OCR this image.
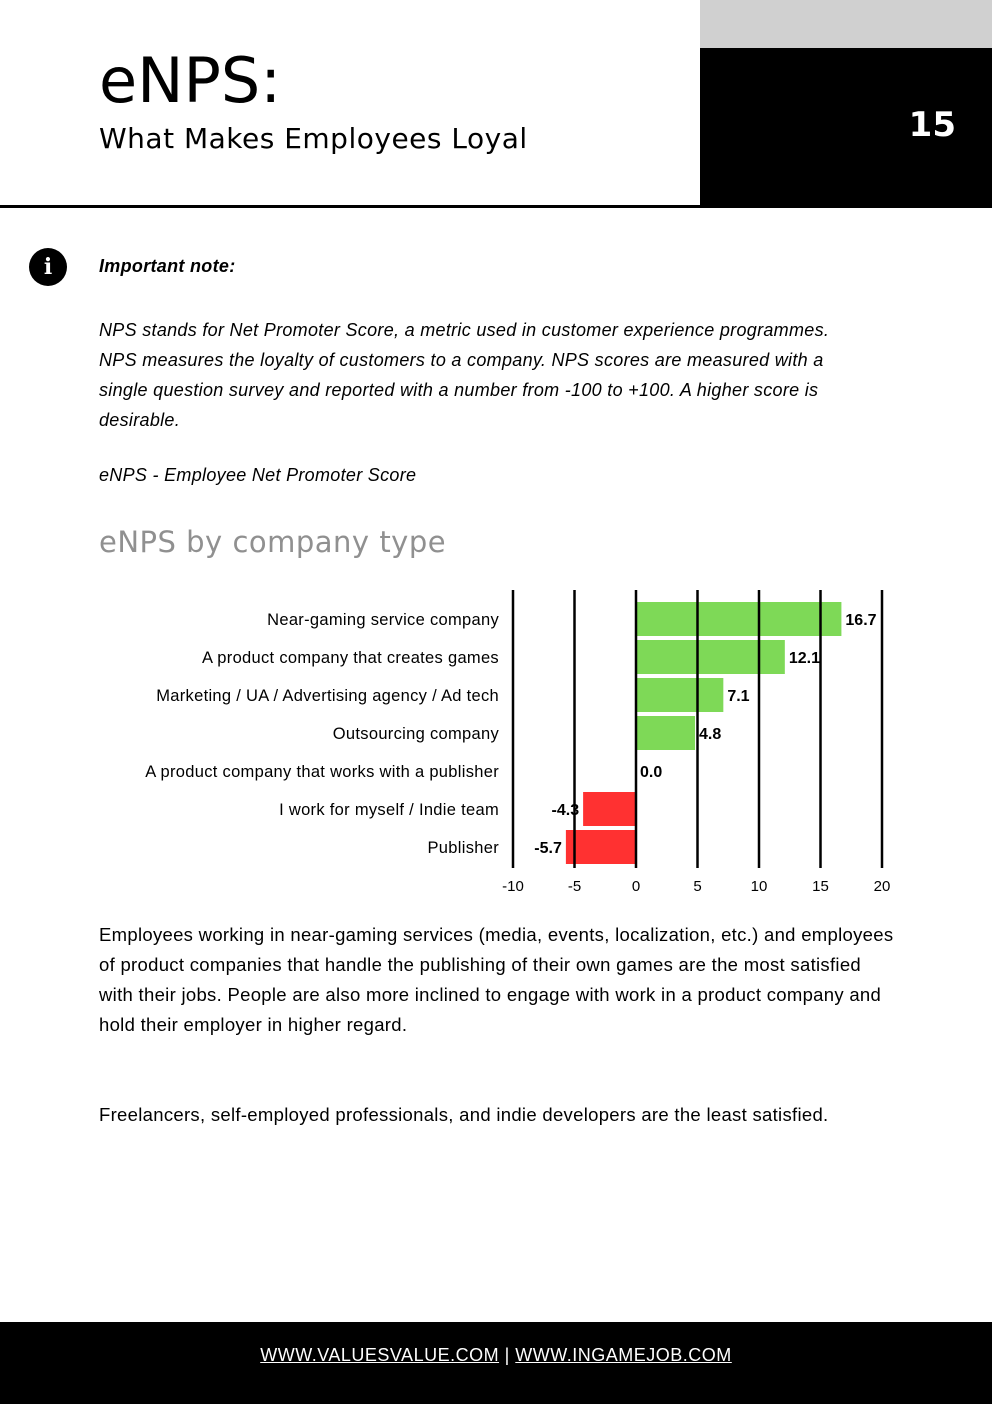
15
eNPS:
What Makes Employees Loyal
i	Important note:

NPS stands for Net Promoter Score, a metric used in customer experience programmes. NPS measures the loyalty of customers to a company. NPS scores are measured with a single question survey and reported with a number from -100 to +100. A higher score is desirable.

eNPS - Employee Net Promoter Score
eNPS by company type
Near-gaming service company
A product company that creates games
Marketing / UA / Advertising agency / Ad tech
Outsourcing company
A product company that works with a publisher
I work for myself / Indie team
Publisher
16.7
12.1
7.1
4.8
0.0
-4.3
-5.7
-10	-5	0	5	10	15	20

Employees working in near-gaming services (media, events, localization, etc.) and employees of product companies that handle the publishing of their own games are the most satisfied with their jobs. People are also more inclined to engage with work in a product company and hold their employer in higher regard.

Freelancers, self-employed professionals, and indie developers are the least satisfied.

WWW.VALUESVALUE.COM | WWW.INGAMEJOB.COM
